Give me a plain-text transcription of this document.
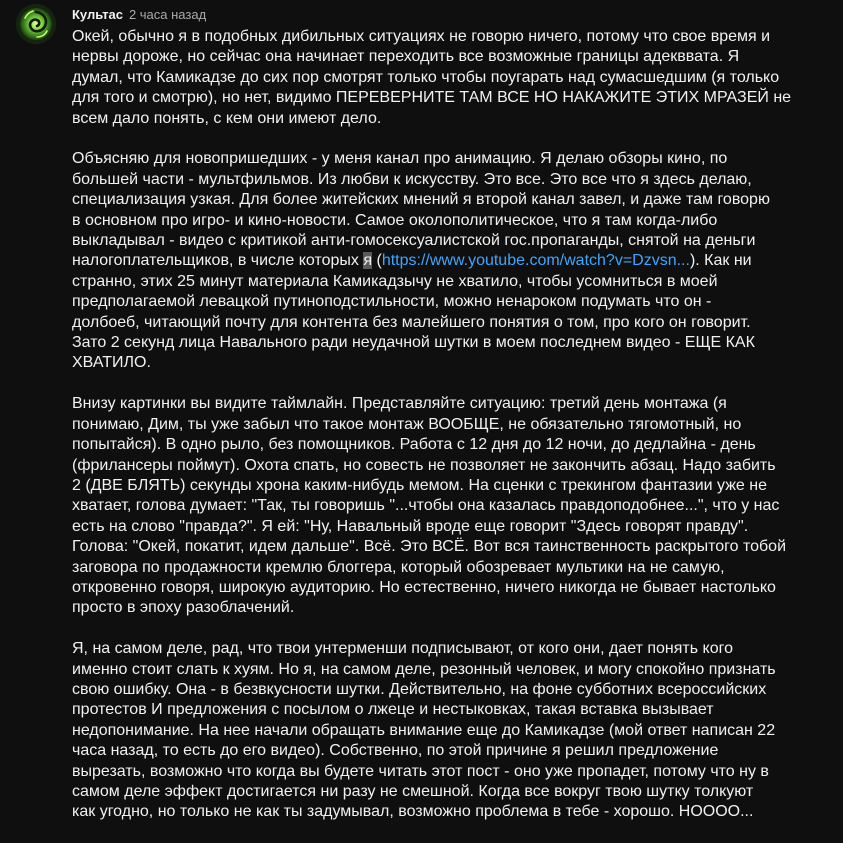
Культас 2 часа назад
Окей, обычно я в подобных дибильных ситуациях не говорю ничего, потому что свое время и
нервы дороже, но сейчас она начинает переходить все возможные границы адекввата. Я
думал, что Камикадзе до сих пор смотрят только чтобы поугарать над сумасшедшим (я только
для того и смотрю), но нет, видимо ПЕРЕВЕРНИТЕ ТАМ ВСЕ НО НАКАЖИТЕ ЭТИХ МРАЗЕЙ не
всем дало понять, с кем они имеют дело.
Объясняю для новопришедших - у меня канал про анимацию. Я делаю обзоры кино, по
большей части - мультфильмов. Из любви к искусству. Это все. Это все что я здесь делаю,
специализация узкая. Для более житейских мнений я второй канал завел, и даже там говорю
в основном про игро- и кино-новости. Самое околополитическое, что я там когда-либо
выкладывал - видео с критикой анти-гомосексуалистской гос.пропаганды, снятой на деньги
налогоплательщиков, в числе которых я (https://www.youtube.com/watch?v=Dzvsn...). Как ни
странно, этих 25 минут материала Камикадзычу не хватило, чтобы усомниться в моей
предполагаемой левацкой путиноподстильности, можно ненароком подумать что он -
долбоеб, читающий почту для контента без малейшего понятия о том, про кого он говорит.
Зато 2 секунд лица Навального ради неудачной шутки в моем последнем видео - ЕЩЕ КАК
ХВАТИЛО.
Внизу картинки вы видите таймлайн. Представляйте ситуацию: третий день монтажа (я
понимаю, Дим, ты уже забыл что такое монтаж ВООБЩЕ, не обязательно тягомотный, но
попытайся). В одно рыло, без помощников. Работа с 12 дня до 12 ночи, до дедлайна - день
(фрилансеры поймут). Охота спать, но совесть не позволяет не закончить абзац. Надо забить
2 (ДВЕ БЛЯТЬ) секунды хрона каким-нибудь мемом. На сценки с трекингом фантазии уже не
хватает, голова думает: "Так, ты говоришь "...чтобы она казалась правдоподобнее...", что у нас
есть на слово "правда?". Я ей: "Ну, Навальный вроде еще говорит "Здесь говорят правду".
Голова: "Окей, покатит, идем дальше". Всё. Это ВСЁ. Вот вся таинственность раскрытого тобой
заговора по продажности кремлю блоггера, который обозревает мультики на не самую,
откровенно говоря, широкую аудиторию. Но естественно, ничего никогда не бывает настолько
просто в эпоху разоблачений.
Я, на самом деле, рад, что твои унтерменши подписывают, от кого они, дает понять кого
именно стоит слать к хуям. Но я, на самом деле, резонный человек, и могу спокойно признать
свою ошибку. Она - в безвкусности шутки. Действительно, на фоне субботних всероссийских
протестов И предложения с посылом о лжеце и нестыковках, такая вставка вызывает
недопонимание. На нее начали обращать внимание еще до Камикадзе (мой ответ написан 22
часа назад, то есть до его видео). Собственно, по этой причине я решил предложение
вырезать, возможно что когда вы будете читать этот пост - оно уже пропадет, потому что ну в
самом деле эффект достигается ни разу не смешной. Когда все вокруг твою шутку толкуют
как угодно, но только не как ты задумывал, возможно проблема в тебе - хорошо. НОООО...
